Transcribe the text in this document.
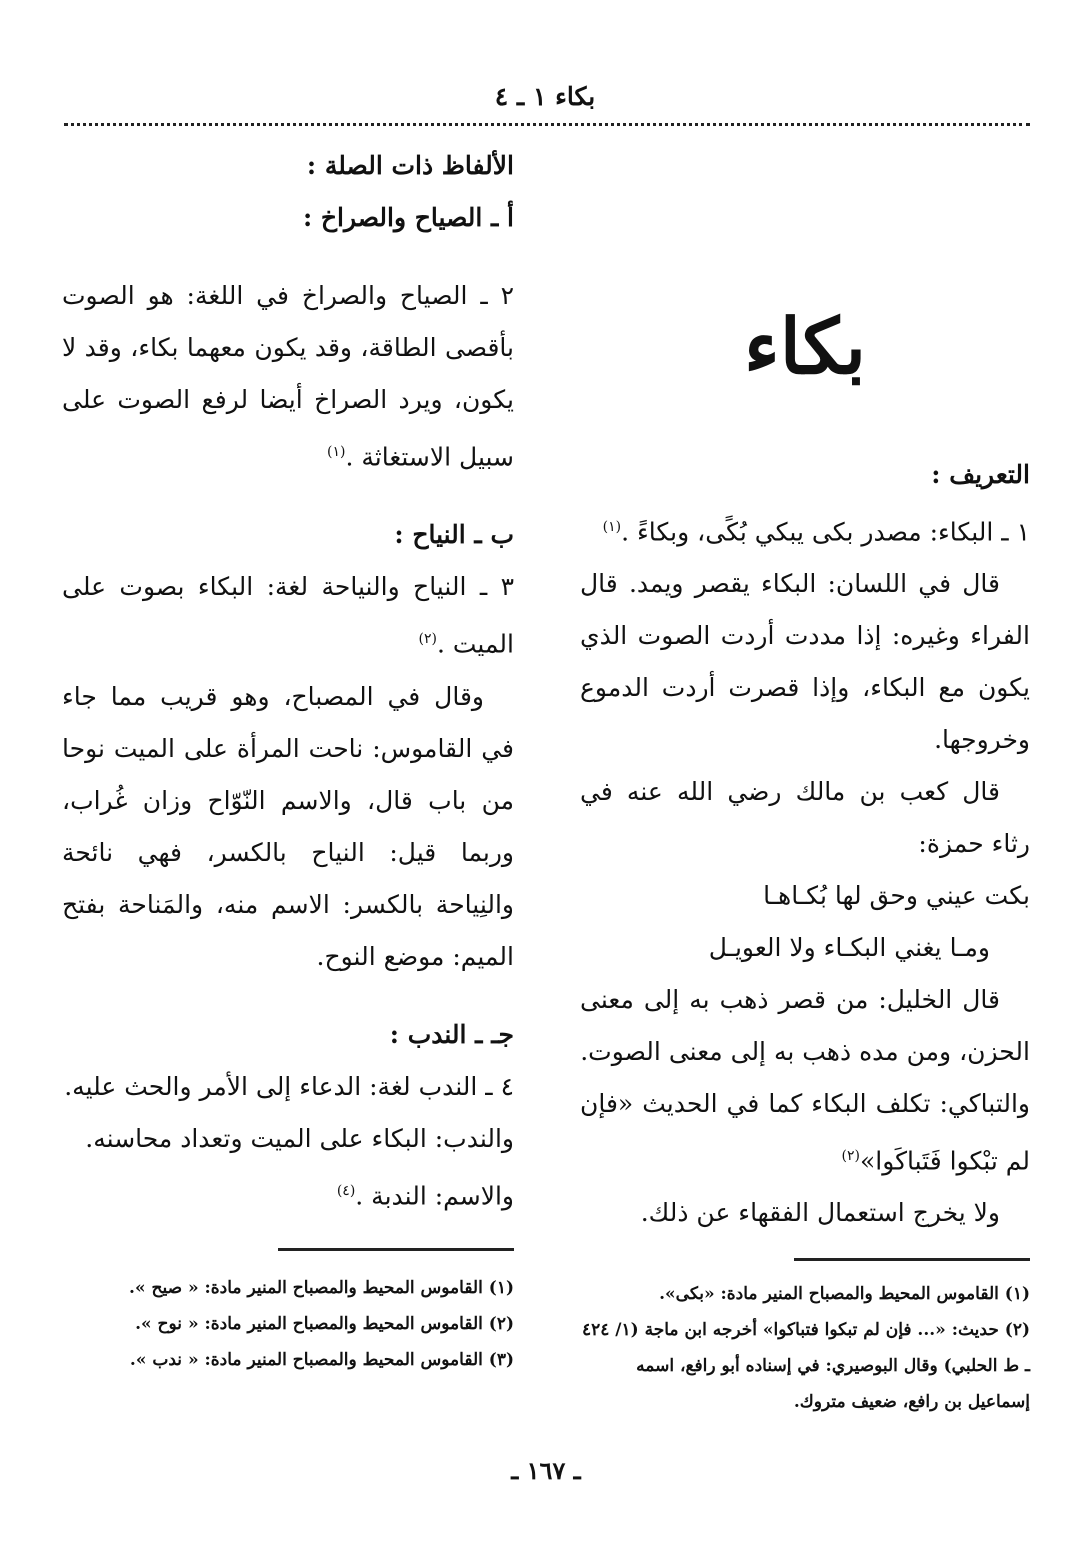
بكاء ١ ـ ٤
بكاء
التعريف :

١ ـ البكاء: مصدر بكى يبكي بُكًى، وبكاءً .$^{(١)}$

قال في اللسان: البكاء يقصر ويمد. قال الفراء وغيره: إذا مددت أردت الصوت الذي يكون مع البكاء، وإذا قصرت أردت الدموع وخروجها.

قال كعب بن مالك رضي الله عنه في رثاء حمزة:

بكت عيني وحق لها بُكـاهـا
ومـا يغني البكـاء ولا العويـل

قال الخليل: من قصر ذهب به إلى معنى الحزن، ومن مده ذهب به إلى معنى الصوت.

والتباكي: تكلف البكاء كما في الحديث «فإن لم تبْكوا فَتَباكَوا»$^{(٢)}$

ولا يخرج استعمال الفقهاء عن ذلك.

الألفاظ ذات الصلة :
أ ـ الصياح والصراخ :

٢ ـ الصياح والصراخ في اللغة: هو الصوت بأقصى الطاقة، وقد يكون معهما بكاء، وقد لا يكون، ويرد الصراخ أيضا لرفع الصوت على سبيل الاستغاثة .$^{(١)}$

ب ـ النياح :

٣ ـ النياح والنياحة لغة: البكاء بصوت على الميت .$^{(٢)}$

وقال في المصباح، وهو قريب مما جاء في القاموس: ناحت المرأة على الميت نوحا من باب قال، والاسم النّوّاح وزان غُراب، وربما قيل: النياح بالكسر، فهي نائحة والنِياحة بالكسر: الاسم منه، والمَناحة بفتح الميم: موضع النوح.

جـ ـ الندب :

٤ ـ الندب لغة: الدعاء إلى الأمر والحث عليه.

والندب: البكاء على الميت وتعداد محاسنه.

والاسم: الندبة .$^{(٤)}$

(١) القاموس المحيط والمصباح المنير مادة: «بكى».
(٢) حديث: «... فإن لم تبكوا فتباكوا» أخرجه ابن ماجة (١/ ٤٢٤ ـ ط الحلبي) وقال البوصيري: في إسناده أبو رافع، اسمه إسماعيل بن رافع، ضعيف متروك.
(١) القاموس المحيط والمصباح المنير مادة: « صيح ».
(٢) القاموس المحيط والمصباح المنير مادة: « نوح ».
(٣) القاموس المحيط والمصباح المنير مادة: « ندب ».
ـ ١٦٧ ـ
